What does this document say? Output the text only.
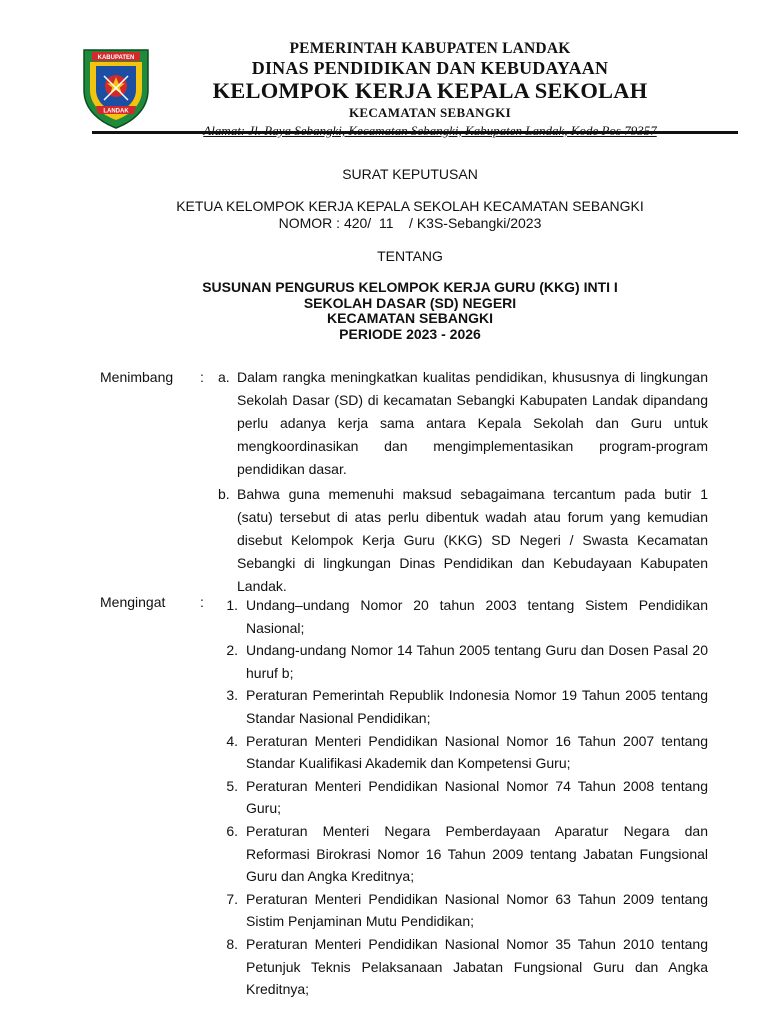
KABUPATEN
LANDAK
PEMERINTAH KABUPATEN LANDAK
DINAS PENDIDIKAN DAN KEBUDAYAAN
KELOMPOK KERJA KEPALA SEKOLAH
KECAMATAN SEBANGKI
SURAT KEPUTUSAN
KETUA KELOMPOK KERJA KEPALA SEKOLAH KECAMATAN SEBANGKI
NOMOR : 420/  11    / K3S-Sebangki/2023
TENTANG
SUSUNAN PENGURUS KELOMPOK KERJA GURU (KKG) INTI I
SEKOLAH DASAR (SD) NEGERI
KECAMATAN SEBANGKI
PERIODE 2023 - 2026
Menimbang : a. Dalam rangka meningkatkan kualitas pendidikan, khususnya di lingkungan Sekolah Dasar (SD) di kecamatan Sebangki Kabupaten Landak dipandang perlu adanya kerja sama antara Kepala Sekolah dan Guru untuk mengkoordinasikan dan mengimplementasikan program-program pendidikan dasar.
b. Bahwa guna memenuhi maksud sebagaimana tercantum pada butir 1 (satu) tersebut di atas perlu dibentuk wadah atau forum yang kemudian disebut Kelompok Kerja Guru (KKG) SD Negeri / Swasta Kecamatan Sebangki di lingkungan Dinas Pendidikan dan Kebudayaan Kabupaten Landak.
Mengingat :	1. Undang–undang Nomor 20 tahun 2003 tentang Sistem Pendidikan Nasional;
2. Undang-undang Nomor 14 Tahun 2005 tentang Guru dan Dosen Pasal 20 huruf b;
3. Peraturan Pemerintah Republik Indonesia Nomor 19 Tahun 2005 tentang Standar Nasional Pendidikan;
4. Peraturan Menteri Pendidikan Nasional Nomor 16 Tahun 2007 tentang Standar Kualifikasi Akademik dan Kompetensi Guru;
5. Peraturan Menteri Pendidikan Nasional Nomor 74 Tahun 2008 tentang Guru;
6. Peraturan Menteri Negara Pemberdayaan Aparatur Negara dan Reformasi Birokrasi Nomor 16 Tahun 2009 tentang Jabatan Fungsional Guru dan Angka Kreditnya;
7. Peraturan Menteri Pendidikan Nasional Nomor 63 Tahun 2009 tentang Sistim Penjaminan Mutu Pendidikan;
8. Peraturan Menteri Pendidikan Nasional Nomor 35 Tahun 2010 tentang Petunjuk Teknis Pelaksanaan Jabatan Fungsional Guru dan Angka Kreditnya;
